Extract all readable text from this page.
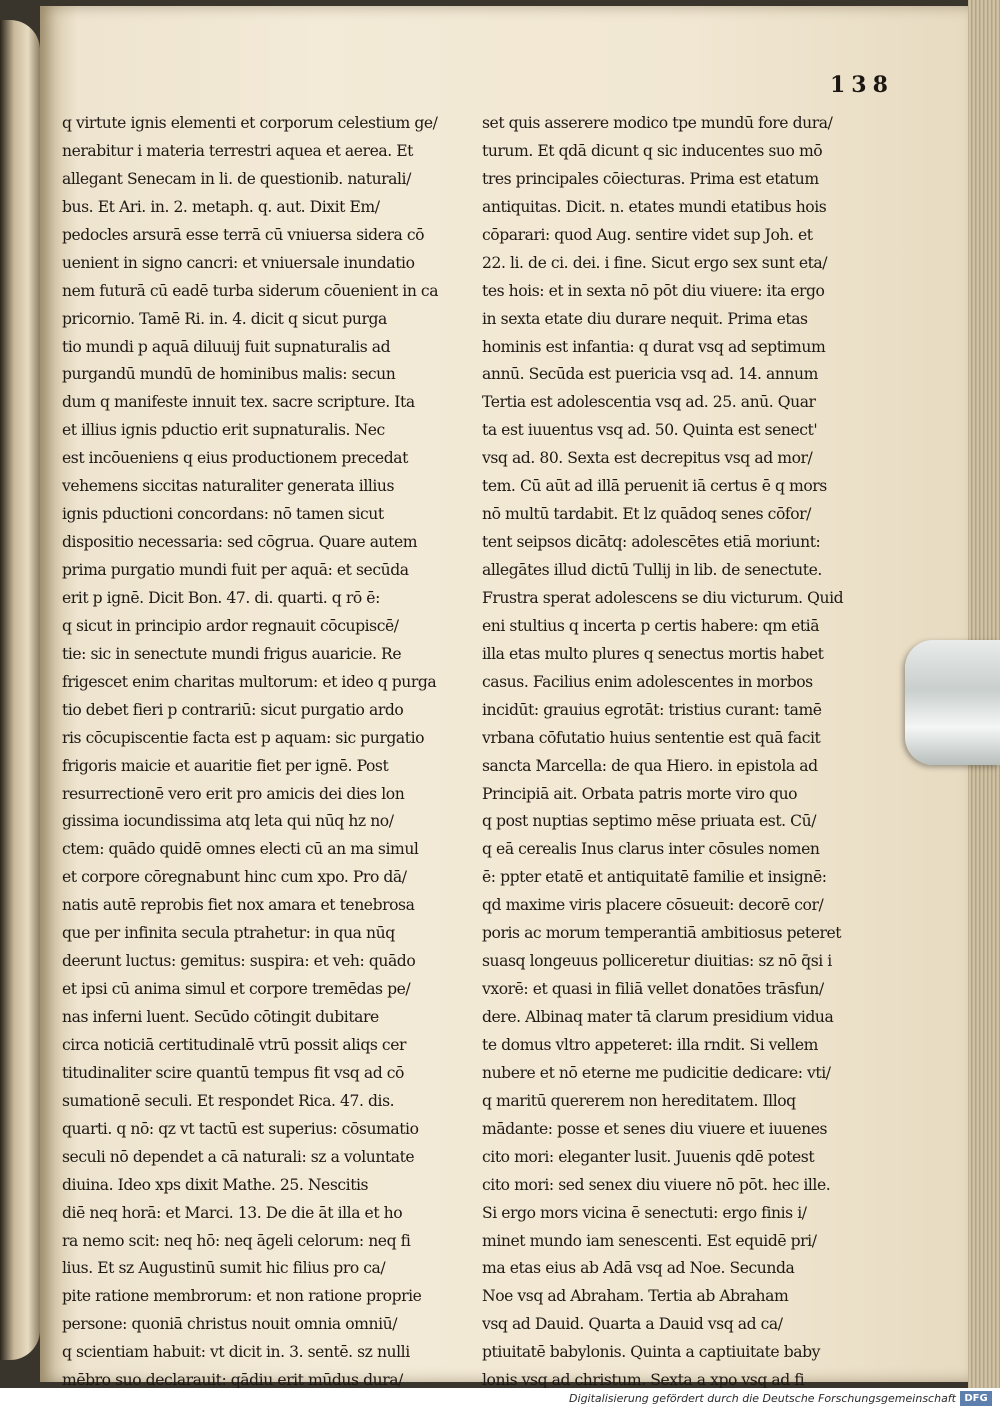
138
q virtute ignis elementi et corporum celestium ge/
nerabitur i materia terrestri aquea et aerea. Et
allegant Senecam in li. de questionib. naturali/
bus. Et Ari. in. 2. metaph. q. aut. Dixit Em/
pedocles arsurā esse terrā cū vniuersa sidera cō
uenient in signo cancri: et vniuersale inundatio
nem futurā cū eadē turba siderum cōuenient in ca
pricornio. Tamē Ri. in. 4. dicit q sicut purga
tio mundi p aquā diluuij fuit supnaturalis ad
purgandū mundū de hominibus malis: secun
dum q manifeste innuit tex. sacre scripture. Ita
et illius ignis pductio erit supnaturalis. Nec
est incōueniens q eius productionem precedat
vehemens siccitas naturaliter generata illius
ignis pductioni concordans: nō tamen sicut
dispositio necessaria: sed cōgrua. Quare autem
prima purgatio mundi fuit per aquā: et secūda
erit p ignē. Dicit Bon. 47. di. quarti. q rō ē:
q sicut in principio ardor regnauit cōcupiscē/
tie: sic in senectute mundi frigus auaricie. Re
frigescet enim charitas multorum: et ideo q purga
tio debet fieri p contrariū: sicut purgatio ardo
ris cōcupiscentie facta est p aquam: sic purgatio
frigoris maicie et auaritie fiet per ignē. Post
resurrectionē vero erit pro amicis dei dies lon
gissima iocundissima atq leta qui nūq hz no/
ctem: quādo quidē omnes electi cū an ma simul
et corpore cōregnabunt hinc cum xpo. Pro dā/
natis autē reprobis fiet nox amara et tenebrosa
que per infinita secula ptrahetur: in qua nūq
deerunt luctus: gemitus: suspira: et veh: quādo
et ipsi cū anima simul et corpore tremēdas pe/
nas inferni luent. Secūdo cōtingit dubitare
circa noticiā certitudinalē vtrū possit aliqs cer
titudinaliter scire quantū tempus fit vsq ad cō
sumationē seculi. Et respondet Rica. 47. dis.
quarti. q nō: qz vt tactū est superius: cōsumatio
seculi nō dependet a cā naturali: sz a voluntate
diuina. Ideo xps dixit Mathe. 25. Nescitis
diē neq horā: et Marci. 13. De die āt illa et ho
ra nemo scit: neq hō: neq āgeli celorum: neq fi
lius. Et sz Augustinū sumit hic filius pro ca/
pite ratione membrorum: et non ratione proprie
persone: quoniā christus nouit omnia omniū/
q scientiam habuit: vt dicit in. 3. sentē. sz nulli
mēbro suo declarauit: qādiu erit mūdus dura/
set quis asserere modico tpe mundū fore dura/
turum. Et qdā dicunt q sic inducentes suo mō
tres principales cōiecturas. Prima est etatum
antiquitas. Dicit. n. etates mundi etatibus hois
cōparari: quod Aug. sentire videt sup Joh. et
22. li. de ci. dei. i fine. Sicut ergo sex sunt eta/
tes hois: et in sexta nō pōt diu viuere: ita ergo
in sexta etate diu durare nequit. Prima etas
hominis est infantia: q durat vsq ad septimum
annū. Secūda est puericia vsq ad. 14. annum
Tertia est adolescentia vsq ad. 25. anū. Quar
ta est iuuentus vsq ad. 50. Quinta est senect'
vsq ad. 80. Sexta est decrepitus vsq ad mor/
tem. Cū aūt ad illā peruenit iā certus ē q mors
nō multū tardabit. Et lz quādoq senes cōfor/
tent seipsos dicātq: adolescētes etiā moriunt:
allegātes illud dictū Tullij in lib. de senectute.
Frustra sperat adolescens se diu victurum. Quid
eni stultius q incerta p certis habere: qm etiā
illa etas multo plures q senectus mortis habet
casus. Facilius enim adolescentes in morbos
incidūt: grauius egrotāt: tristius curant: tamē
vrbana cōfutatio huius sententie est quā facit
sancta Marcella: de qua Hiero. in epistola ad
Principiā ait. Orbata patris morte viro quo
q post nuptias septimo mēse priuata est. Cū/
q eā cerealis Inus clarus inter cōsules nomen
ē: ppter etatē et antiquitatē familie et insignē:
qd maxime viris placere cōsueuit: decorē cor/
poris ac morum temperantiā ambitiosus peteret
suasq longeuus polliceretur diuitias: sz nō q̄si i
vxorē: et quasi in filiā vellet donatōes trāsfun/
dere. Albinaq mater tā clarum presidium vidua
te domus vltro appeteret: illa rndit. Si vellem
nubere et nō eterne me pudicitie dedicare: vti/
q maritū quererem non hereditatem. Illoq
mādante: posse et senes diu viuere et iuuenes
cito mori: eleganter lusit. Juuenis qdē potest
cito mori: sed senex diu viuere nō pōt. hec ille.
Si ergo mors vicina ē senectuti: ergo finis i/
minet mundo iam senescenti. Est equidē pri/
ma etas eius ab Adā vsq ad Noe. Secunda
Noe vsq ad Abraham. Tertia ab Abraham
vsq ad Dauid. Quarta a Dauid vsq ad ca/
ptiuitatē babylonis. Quinta a captiuitate baby
lonis vsq ad christum. Sexta a xpo vsq ad fi
Digitalisierung gefördert durch die Deutsche Forschungsgemeinschaft DFG
